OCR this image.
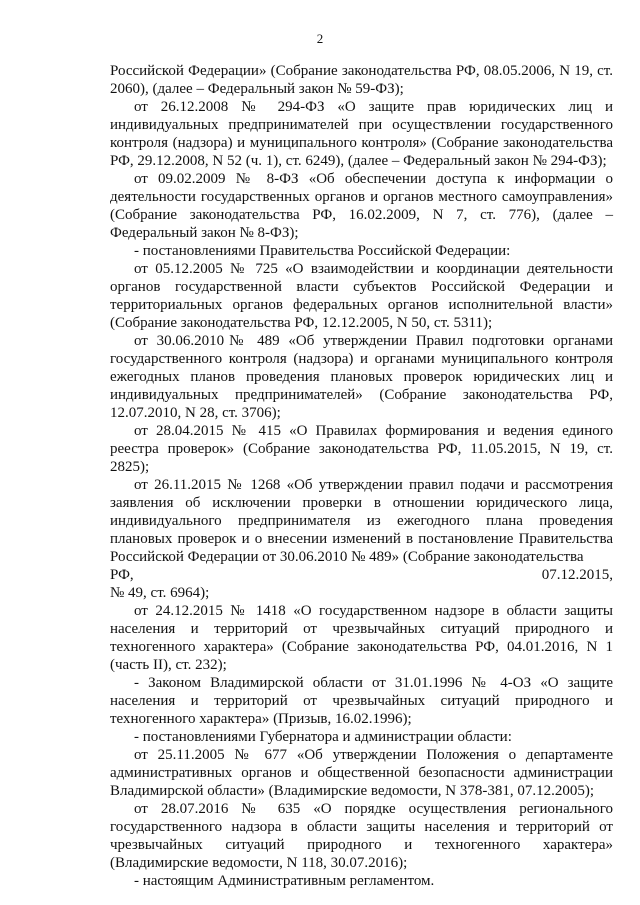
2

Российской Федерации» (Собрание законодательства РФ, 08.05.2006, N 19, ст. 2060), (далее – Федеральный закон № 59-ФЗ);

от 26.12.2008 № 294-ФЗ «О защите прав юридических лиц и индивидуальных предпринимателей при осуществлении государственного контроля (надзора) и муниципального контроля» (Собрание законодательства РФ, 29.12.2008, N 52 (ч. 1), ст. 6249), (далее – Федеральный закон № 294-ФЗ);

от 09.02.2009 № 8-ФЗ «Об обеспечении доступа к информации о деятельности государственных органов и органов местного самоуправления» (Собрание законодательства РФ, 16.02.2009, N 7, ст. 776), (далее – Федеральный закон № 8-ФЗ);

- постановлениями Правительства Российской Федерации:

от 05.12.2005 № 725 «О взаимодействии и координации деятельности органов государственной власти субъектов Российской Федерации и территориальных органов федеральных органов исполнительной власти» (Собрание законодательства РФ, 12.12.2005, N 50, ст. 5311);

от 30.06.2010№ 489 «Об утверждении Правил подготовки органами государственного контроля (надзора) и органами муниципального контроля ежегодных планов проведения плановых проверок юридических лиц и индивидуальных предпринимателей» (Собрание законодательства РФ, 12.07.2010, N 28, ст. 3706);

от 28.04.2015 № 415 «О Правилах формирования и ведения единого реестра проверок» (Собрание законодательства РФ, 11.05.2015, N 19, ст. 2825);

от 26.11.2015 № 1268 «Об утверждении правил подачи и рассмотрения заявления об исключении проверки в отношении юридического лица, индивидуального предпринимателя из ежегодного плана проведения плановых проверок и о внесении изменений в постановление Правительства Российской Федерации от 30.06.2010 № 489» (Собрание законодательства

РФ,	07.12.2015,

№ 49, ст. 6964);

от 24.12.2015 № 1418 «О государственном надзоре в области защиты населения и территорий от чрезвычайных ситуаций природного и техногенного характера» (Собрание законодательства РФ, 04.01.2016, N 1 (часть II), ст. 232);

- Законом Владимирской области от 31.01.1996 № 4-ОЗ «О защите населения и территорий от чрезвычайных ситуаций природного и техногенного характера» (Призыв, 16.02.1996);

- постановлениями Губернатора и администрации области:

от 25.11.2005 № 677 «Об утверждении Положения о департаменте административных органов и общественной безопасности администрации Владимирской области» (Владимирские ведомости, N 378-381, 07.12.2005);

от 28.07.2016 № 635 «О порядке осуществления регионального государственного надзора в области защиты населения и территорий от чрезвычайных ситуаций природного и техногенного характера» (Владимирские ведомости, N 118, 30.07.2016);

- настоящим Административным регламентом.
